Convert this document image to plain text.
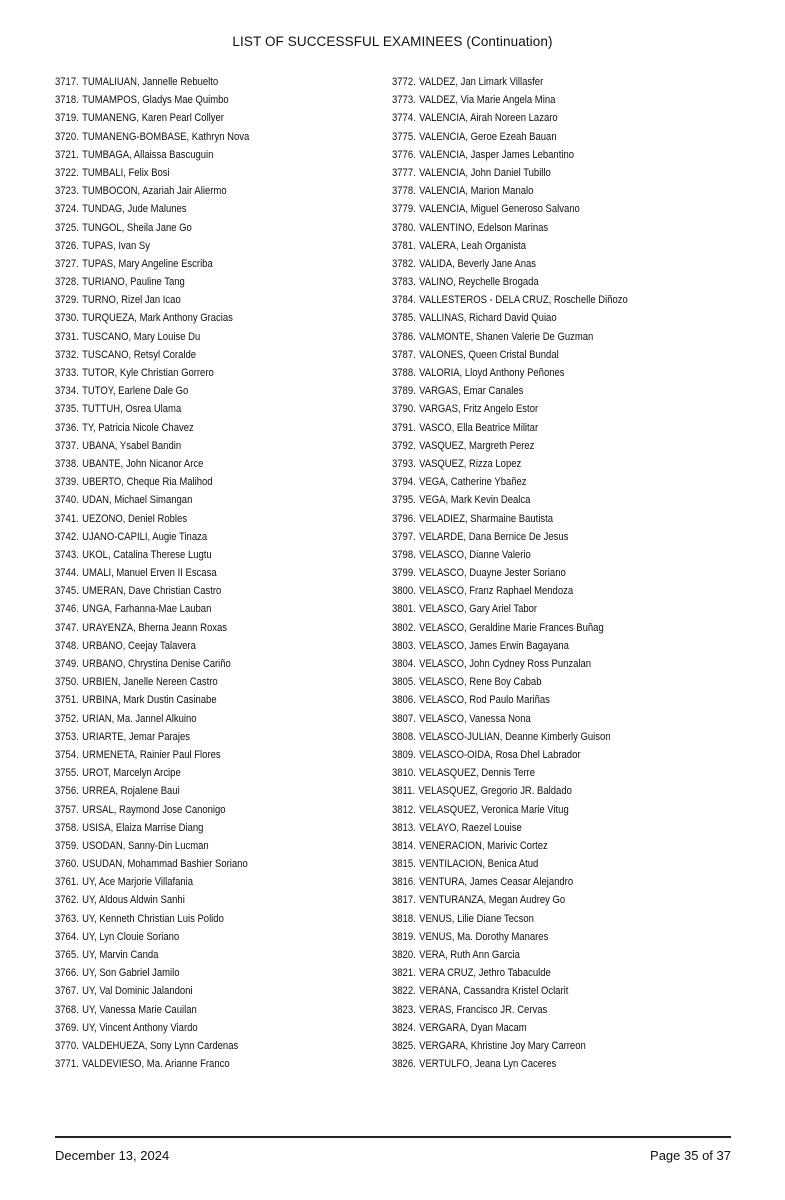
LIST OF SUCCESSFUL EXAMINEES (Continuation)
3717. TUMALIUAN, Jannelle Rebuelto
3718. TUMAMPOS, Gladys Mae Quimbo
3719. TUMANENG, Karen Pearl Collyer
3720. TUMANENG-BOMBASE, Kathryn Nova
3721. TUMBAGA, Allaissa Bascuguin
3722. TUMBALI, Felix Bosi
3723. TUMBOCON, Azariah Jair Aliermo
3724. TUNDAG, Jude Malunes
3725. TUNGOL, Sheila Jane Go
3726. TUPAS, Ivan Sy
3727. TUPAS, Mary Angeline Escriba
3728. TURIANO, Pauline Tang
3729. TURNO, Rizel Jan Icao
3730. TURQUEZA, Mark Anthony Gracias
3731. TUSCANO, Mary Louise Du
3732. TUSCANO, Retsyl Coralde
3733. TUTOR, Kyle Christian Gorrero
3734. TUTOY, Earlene Dale Go
3735. TUTTUH, Osrea Ulama
3736. TY, Patricia Nicole Chavez
3737. UBANA, Ysabel Bandin
3738. UBANTE, John Nicanor Arce
3739. UBERTO, Cheque Ria Malihod
3740. UDAN, Michael Simangan
3741. UEZONO, Deniel Robles
3742. UJANO-CAPILI, Augie Tinaza
3743. UKOL, Catalina Therese Lugtu
3744. UMALI, Manuel Erven II Escasa
3745. UMERAN, Dave Christian Castro
3746. UNGA, Farhanna-Mae Lauban
3747. URAYENZA, Bherna Jeann Roxas
3748. URBANO, Ceejay Talavera
3749. URBANO, Chrystina Denise Cariño
3750. URBIEN, Janelle Nereen Castro
3751. URBINA, Mark Dustin Casinabe
3752. URIAN, Ma. Jannel Alkuino
3753. URIARTE, Jemar Parajes
3754. URMENETA, Rainier Paul Flores
3755. UROT, Marcelyn Arcipe
3756. URREA, Rojalene Baui
3757. URSAL, Raymond Jose Canonigo
3758. USISA, Elaiza Marrise Diang
3759. USODAN, Sanny-Din Lucman
3760. USUDAN, Mohammad Bashier Soriano
3761. UY, Ace Marjorie Villafania
3762. UY, Aldous Aldwin Sanhi
3763. UY, Kenneth Christian Luis Polido
3764. UY, Lyn Clouie Soriano
3765. UY, Marvin Canda
3766. UY, Son Gabriel Jamilo
3767. UY, Val Dominic Jalandoni
3768. UY, Vanessa Marie Cauilan
3769. UY, Vincent Anthony Viardo
3770. VALDEHUEZA, Sony Lynn Cardenas
3771. VALDEVIESO, Ma. Arianne Franco
3772. VALDEZ, Jan Limark Villasfer
3773. VALDEZ, Via Marie Angela Mina
3774. VALENCIA, Airah Noreen Lazaro
3775. VALENCIA, Geroe Ezeah Bauan
3776. VALENCIA, Jasper James Lebantino
3777. VALENCIA, John Daniel Tubillo
3778. VALENCIA, Marion Manalo
3779. VALENCIA, Miguel Generoso Salvano
3780. VALENTINO, Edelson Marinas
3781. VALERA, Leah Organista
3782. VALIDA, Beverly Jane Anas
3783. VALINO, Reychelle Brogada
3784. VALLESTEROS - DELA CRUZ, Roschelle Diñozo
3785. VALLINAS, Richard David Quiao
3786. VALMONTE, Shanen Valerie De Guzman
3787. VALONES, Queen Cristal Bundal
3788. VALORIA, Lloyd Anthony Peñones
3789. VARGAS, Emar Canales
3790. VARGAS, Fritz Angelo Estor
3791. VASCO, Ella Beatrice Militar
3792. VASQUEZ, Margreth Perez
3793. VASQUEZ, Rizza Lopez
3794. VEGA, Catherine Ybañez
3795. VEGA, Mark Kevin Dealca
3796. VELADIEZ, Sharmaine Bautista
3797. VELARDE, Dana Bernice De Jesus
3798. VELASCO, Dianne Valerio
3799. VELASCO, Duayne Jester Soriano
3800. VELASCO, Franz Raphael Mendoza
3801. VELASCO, Gary Ariel Tabor
3802. VELASCO, Geraldine Marie Frances Buñag
3803. VELASCO, James Erwin Bagayana
3804. VELASCO, John Cydney Ross Punzalan
3805. VELASCO, Rene Boy Cabab
3806. VELASCO, Rod Paulo Mariñas
3807. VELASCO, Vanessa Nona
3808. VELASCO-JULIAN, Deanne Kimberly Guison
3809. VELASCO-OIDA, Rosa Dhel Labrador
3810. VELASQUEZ, Dennis Terre
3811. VELASQUEZ, Gregorio JR. Baldado
3812. VELASQUEZ, Veronica Marie Vitug
3813. VELAYO, Raezel Louise
3814. VENERACION, Marivic Cortez
3815. VENTILACION, Benica Atud
3816. VENTURA, James Ceasar Alejandro
3817. VENTURANZA, Megan Audrey Go
3818. VENUS, Lilie Diane Tecson
3819. VENUS, Ma. Dorothy Manares
3820. VERA, Ruth Ann Garcia
3821. VERA CRUZ, Jethro Tabaculde
3822. VERANA, Cassandra Kristel Oclarit
3823. VERAS, Francisco JR. Cervas
3824. VERGARA, Dyan Macam
3825. VERGARA, Khristine Joy Mary Carreon
3826. VERTULFO, Jeana Lyn Caceres
December 13, 2024	Page 35 of 37
